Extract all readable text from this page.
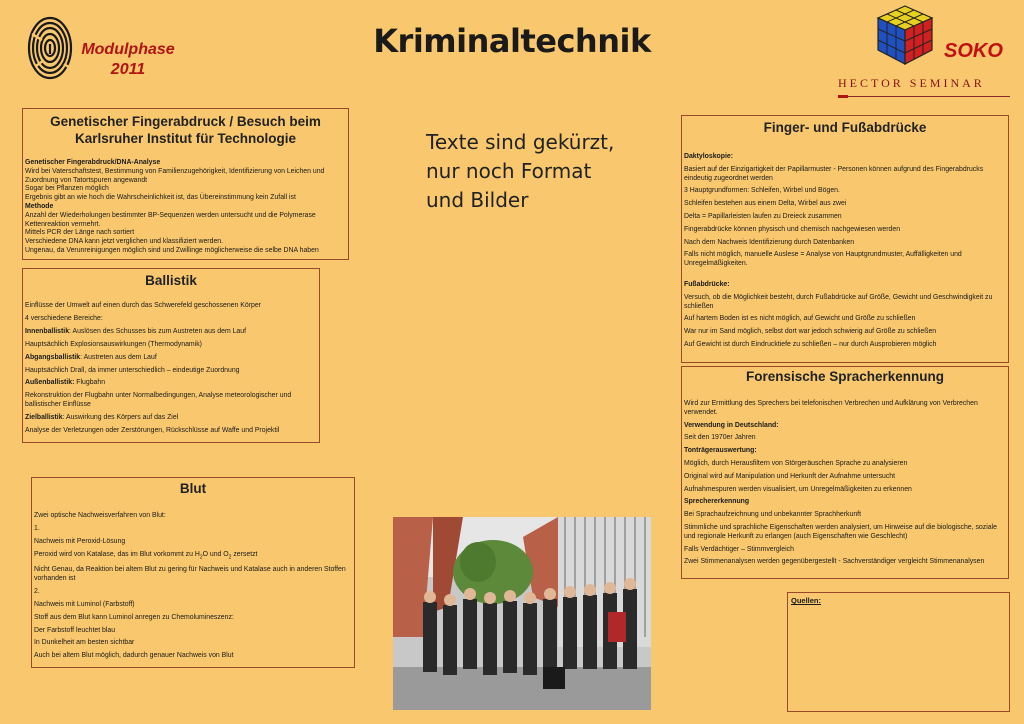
Modulphase
2011
Kriminaltechnik	SOKO
HECTOR SEMINAR
Texte sind gekürzt,
nur noch Format
und Bilder
Genetischer Fingerabdruck / Besuch beim
Karlsruher Institut für Technologie

Genetischer Fingerabdruck/DNA-Analyse

Wird bei Vaterschaftstest, Bestimmung von Familienzugehörigkeit, Identifizierung von Leichen und Zuordnung von Tatortspuren angewandt

Sogar bei Pflanzen möglich

Ergebnis gibt an wie hoch die Wahrscheinlichkeit ist, das Übereinstimmung kein Zufall ist

Methode

Anzahl der Wiederholungen bestimmter BP-Sequenzen werden untersucht und die Polymerase Kettenreaktion vermehrt.

Mittels PCR der Länge nach sortiert

Verschiedene DNA kann jetzt verglichen und klassifiziert werden.

Ungenau, da Verunreinigungen möglich sind und Zwillinge möglicherweise die selbe DNA haben

Ballistik

Einflüsse der Umwelt auf einen durch das Schwerefeld geschossenen Körper

4 verschiedene Bereiche:

Innenballistik: Auslösen des Schusses bis zum Austreten aus dem Lauf

Hauptsächlich Explosionsauswirkungen (Thermodynamik)

Abgangsballistik: Austreten aus dem Lauf

Hauptsächlich Drall, da immer unterschiedlich – eindeutige Zuordnung

Außenballistik: Flugbahn

Rekonstruktion der Flugbahn unter Normalbedingungen, Analyse meteorologischer und ballistischer Einflüsse

Zielballistik: Auswirkung des Körpers auf das Ziel

Analyse der Verletzungen oder Zerstörungen, Rückschlüsse auf Waffe und Projektil

Blut

Zwei optische Nachweisverfahren von Blut:

1.

Nachweis mit Peroxid-Lösung

Peroxid wird von Katalase, das im Blut vorkommt zu $H_2O$ und $O_2$ zersetzt

Nicht Genau, da Reaktion bei altem Blut zu gering für Nachweis und Katalase auch in anderen Stoffen vorhanden ist

2.

Nachweis mit Luminol (Farbstoff)

Stoff aus dem Blut kann Luminol anregen zu Chemolumineszenz:

Der Farbstoff leuchtet blau

In Dunkelheit am besten sichtbar

Auch bei altem Blut möglich, dadurch genauer Nachweis von Blut

Finger- und Fußabdrücke

Daktyloskopie:

Basiert auf der Einzigartigkeit der Papillarmuster - Personen können aufgrund des Fingerabdrucks eindeutig zugeordnet werden

3 Hauptgrundformen: Schleifen, Wirbel und Bögen.

Schleifen bestehen aus einem Delta, Wirbel aus zwei

Delta = Papillarleisten laufen zu Dreieck zusammen

Fingerabdrücke können physisch und chemisch nachgewiesen werden

Nach dem Nachweis Identifizierung durch Datenbanken

Falls nicht möglich, manuelle Auslese = Analyse von Hauptgrundmuster, Auffälligkeiten und Unregelmäßigkeiten.

Fußabdrücke:

Versuch, ob die Möglichkeit besteht, durch Fußabdrücke auf Größe, Gewicht und Geschwindigkeit zu schließen

Auf hartem Boden ist es nicht möglich, auf Gewicht und Größe zu schließen

War nur im Sand möglich, selbst dort war jedoch schwierig auf Größe zu schließen

Auf Gewicht ist durch Eindrucktiefe zu schließen – nur durch Ausprobieren möglich

Forensische Spracherkennung

Wird zur Ermittlung des Sprechers bei telefonischen Verbrechen und Aufklärung von Verbrechen verwendet.

Verwendung in Deutschland:

Seit den 1970er Jahren

Tonträgerauswertung:

Möglich, durch Herausfiltern von Störgeräuschen Sprache zu analysieren

Original wird auf Manipulation und Herkunft der Aufnahme untersucht

Aufnahmespuren werden visualisiert, um Unregelmäßigkeiten zu erkennen

Sprechererkennung

Bei Sprachaufzeichnung und unbekannter Sprachherkunft

Stimmliche und sprachliche Eigenschaften werden analysiert, um Hinweise auf die biologische, soziale und regionale Herkunft zu erlangen (auch Eigenschaften wie Geschlecht)

Falls Verdächtiger – Stimmvergleich

Zwei Stimmenanalysen werden gegenübergestellt - Sachverständiger vergleicht Stimmenanalysen

Quellen:
